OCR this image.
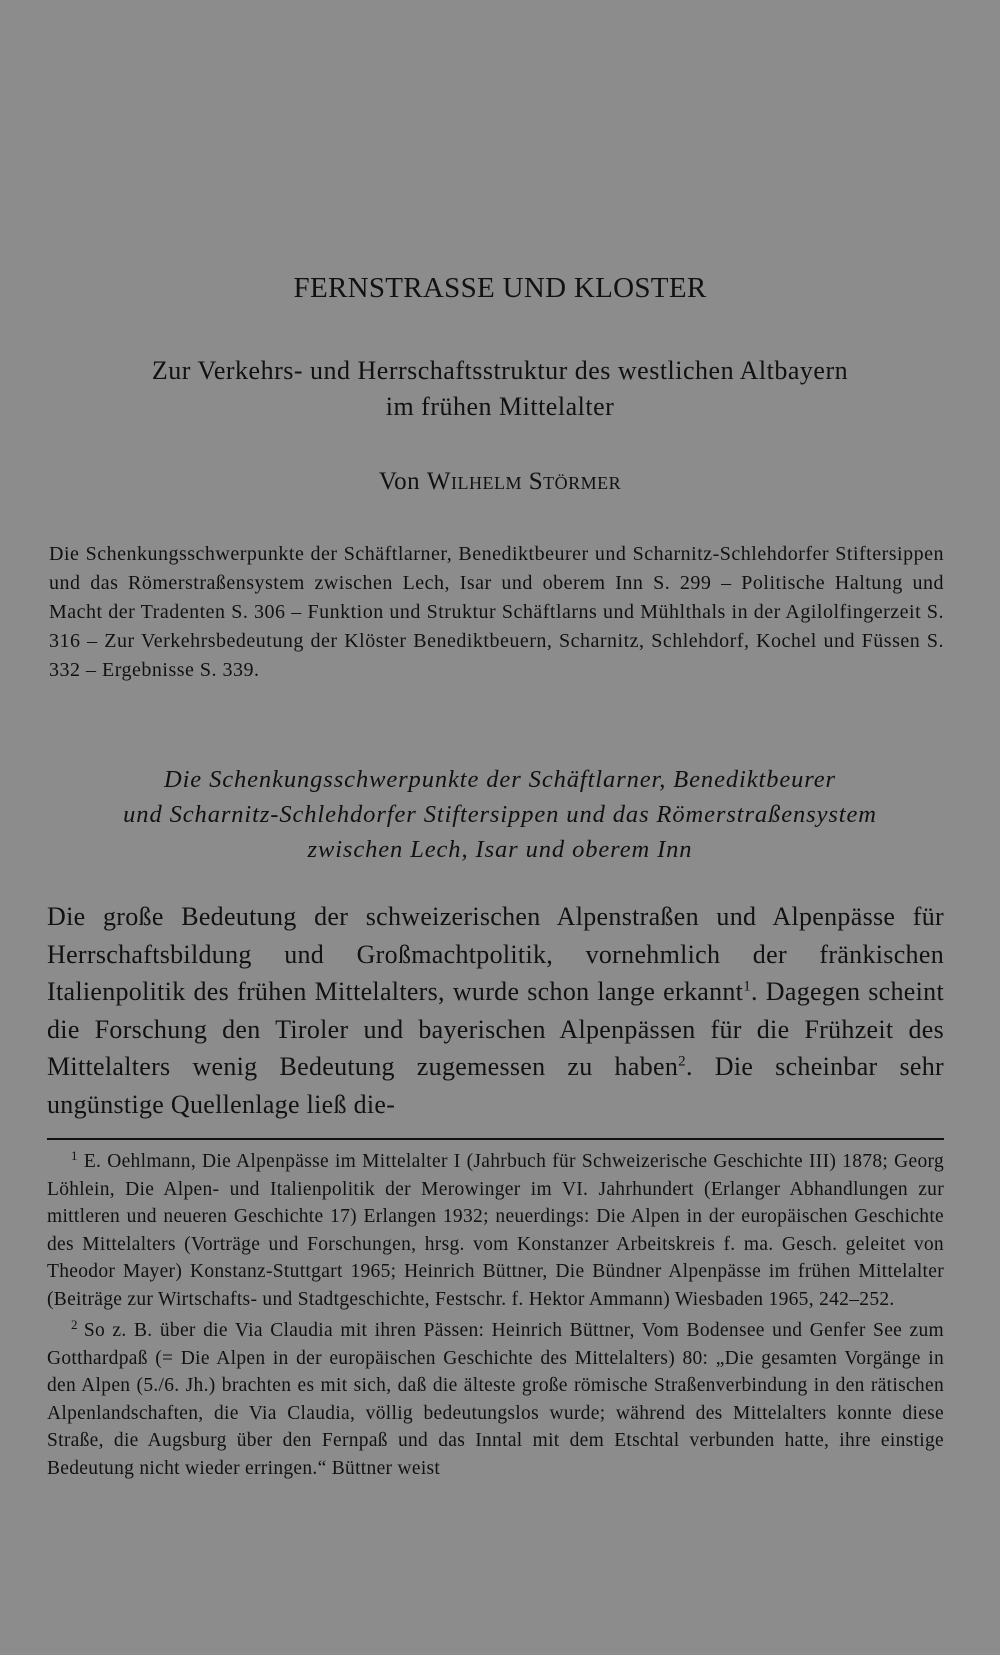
FERNSTRASSE UND KLOSTER
Zur Verkehrs- und Herrschaftsstruktur des westlichen Altbayern
im frühen Mittelalter
Von Wilhelm Störmer
Die Schenkungsschwerpunkte der Schäftlarner, Benediktbeurer und Scharnitz-Schlehdorfer Stiftersippen und das Römerstraßensystem zwischen Lech, Isar und oberem Inn S. 299 – Politische Haltung und Macht der Tradenten S. 306 – Funktion und Struktur Schäftlarns und Mühlthals in der Agilolfingerzeit S. 316 – Zur Verkehrsbedeutung der Klöster Benediktbeuern, Scharnitz, Schlehdorf, Kochel und Füssen S. 332 – Ergebnisse S. 339.
Die Schenkungsschwerpunkte der Schäftlarner, Benediktbeurer
und Scharnitz-Schlehdorfer Stiftersippen und das Römerstraßensystem
zwischen Lech, Isar und oberem Inn
Die große Bedeutung der schweizerischen Alpenstraßen und Alpenpässe für Herrschaftsbildung und Großmachtpolitik, vornehmlich der fränkischen Italienpolitik des frühen Mittelalters, wurde schon lange erkannt$^1$. Dagegen scheint die Forschung den Tiroler und bayerischen Alpenpässen für die Frühzeit des Mittelalters wenig Bedeutung zugemessen zu haben$^2$. Die scheinbar sehr ungünstige Quellenlage ließ die-

$^1$ E. Oehlmann, Die Alpenpässe im Mittelalter I (Jahrbuch für Schweizerische Geschichte III) 1878; Georg Löhlein, Die Alpen- und Italienpolitik der Merowinger im VI. Jahrhundert (Erlanger Abhandlungen zur mittleren und neueren Geschichte 17) Erlangen 1932; neuerdings: Die Alpen in der europäischen Geschichte des Mittelalters (Vorträge und Forschungen, hrsg. vom Konstanzer Arbeitskreis f. ma. Gesch. geleitet von Theodor Mayer) Konstanz-Stuttgart 1965; Heinrich Büttner, Die Bündner Alpenpässe im frühen Mittelalter (Beiträge zur Wirtschafts- und Stadtgeschichte, Festschr. f. Hektor Ammann) Wiesbaden 1965, 242–252.

$^2$ So z. B. über die Via Claudia mit ihren Pässen: Heinrich Büttner, Vom Bodensee und Genfer See zum Gotthardpaß (= Die Alpen in der europäischen Geschichte des Mittelalters) 80: „Die gesamten Vorgänge in den Alpen (5./6. Jh.) brachten es mit sich, daß die älteste große römische Straßenverbindung in den rätischen Alpenlandschaften, die Via Claudia, völlig bedeutungslos wurde; während des Mittelalters konnte diese Straße, die Augsburg über den Fernpaß und das Inntal mit dem Etschtal verbunden hatte, ihre einstige Bedeutung nicht wieder erringen.“ Büttner weist
